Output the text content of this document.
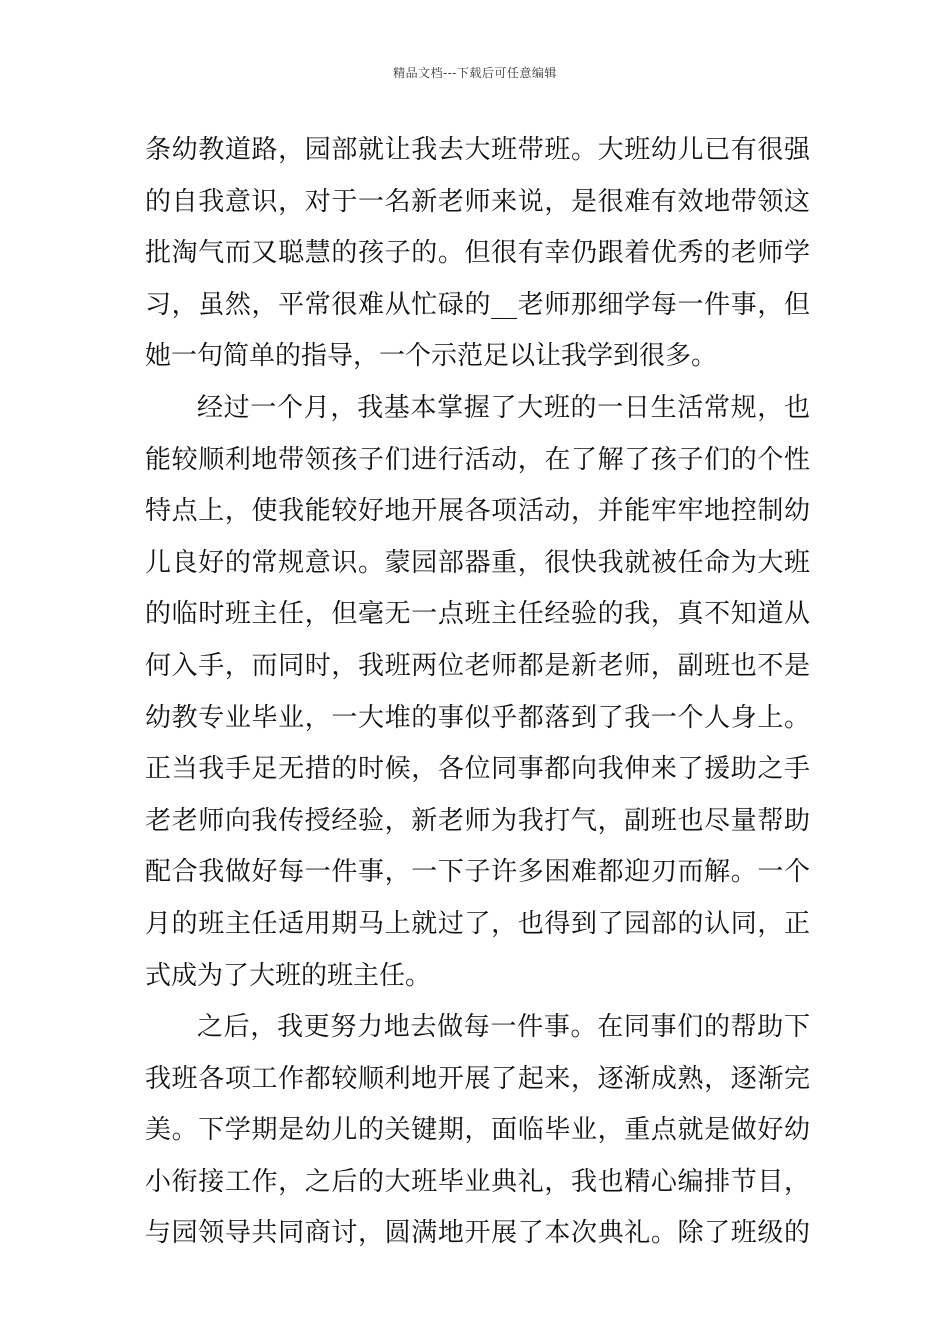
精品文档---下载后可任意编辑
条幼教道路，园部就让我去大班带班。大班幼儿已有很强
的自我意识，对于一名新老师来说，是很难有效地带领这
批淘气而又聪慧的孩子的。但很有幸仍跟着优秀的老师学
习，虽然，平常很难从忙碌的__老师那细学每一件事，但
她一句简单的指导，一个示范足以让我学到很多。
经过一个月，我基本掌握了大班的一日生活常规，也
能较顺利地带领孩子们进行活动，在了解了孩子们的个性
特点上，使我能较好地开展各项活动，并能牢牢地控制幼
儿良好的常规意识。蒙园部器重，很快我就被任命为大班
的临时班主任，但毫无一点班主任经验的我，真不知道从
何入手，而同时，我班两位老师都是新老师，副班也不是
幼教专业毕业，一大堆的事似乎都落到了我一个人身上。
正当我手足无措的时候，各位同事都向我伸来了援助之手
老老师向我传授经验，新老师为我打气，副班也尽量帮助
配合我做好每一件事，一下子许多困难都迎刃而解。一个
月的班主任适用期马上就过了，也得到了园部的认同，正
式成为了大班的班主任。
之后，我更努力地去做每一件事。在同事们的帮助下
我班各项工作都较顺利地开展了起来，逐渐成熟，逐渐完
美。下学期是幼儿的关键期，面临毕业，重点就是做好幼
小衔接工作，之后的大班毕业典礼，我也精心编排节目，
与园领导共同商讨，圆满地开展了本次典礼。除了班级的
